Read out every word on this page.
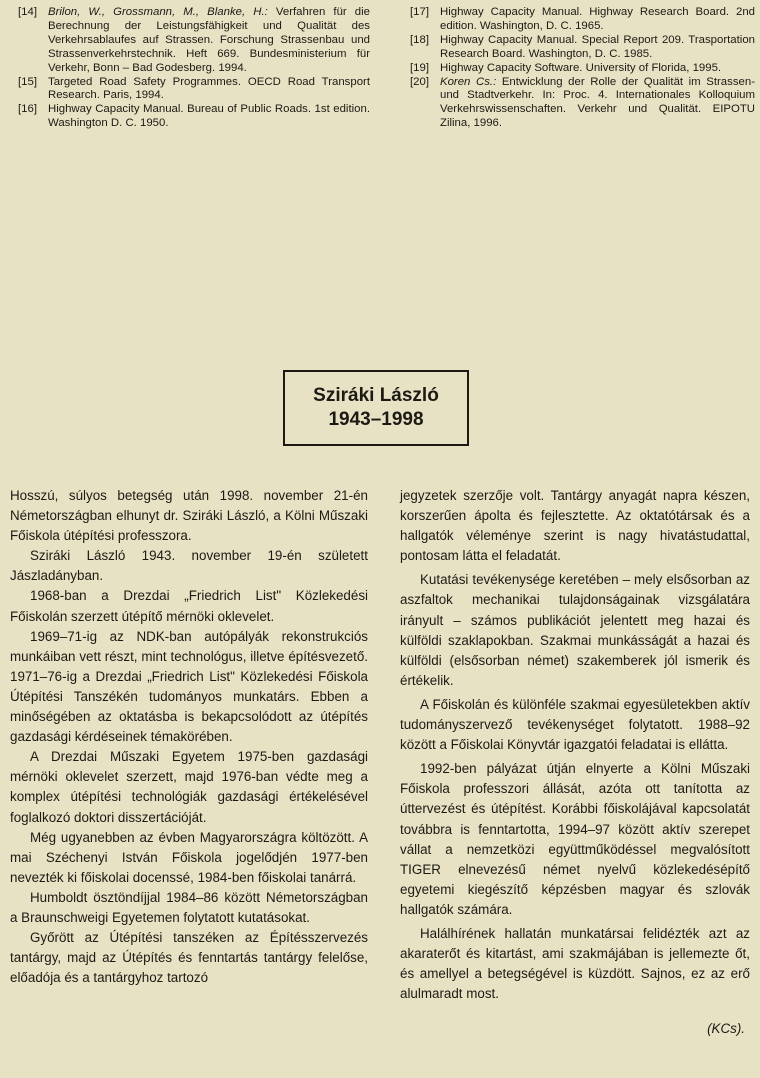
[14] Brilon, W., Grossmann, M., Blanke, H.: Verfahren für die Berechnung der Leistungsfähigkeit und Qualität des Verkehrsablaufes auf Strassen. Forschung Strassenbau und Strassenverkehrstechnik. Heft 669. Bundesministerium für Verkehr, Bonn – Bad Godesberg. 1994.
[15] Targeted Road Safety Programmes. OECD Road Transport Research. Paris, 1994.
[16] Highway Capacity Manual. Bureau of Public Roads. 1st edition. Washington D. C. 1950.
[17] Highway Capacity Manual. Highway Research Board. 2nd edition. Washington, D. C. 1965.
[18] Highway Capacity Manual. Special Report 209. Trasportation Research Board. Washington, D. C. 1985.
[19] Highway Capacity Software. University of Florida, 1995.
[20] Koren Cs.: Entwicklung der Rolle der Qualität im Strassen- und Stadtverkehr. In: Proc. 4. Internationales Kolloquium Verkehrswissenschaften. Verkehr und Qualität. EIPOTU Zilina, 1996.
Sziráki László
1943–1998

Hosszú, súlyos betegség után 1998. november 21-én Németországban elhunyt dr. Sziráki László, a Kölni Műszaki Főiskola útépítési professzora.

Sziráki László 1943. november 19-én született Jászladányban.

1968-ban a Drezdai „Friedrich List" Közlekedési Főiskolán szerzett útépítő mérnöki oklevelet.

1969–71-ig az NDK-ban autópályák rekonstrukciós munkáiban vett részt, mint technológus, illetve építésvezető. 1971–76-ig a Drezdai „Friedrich List" Közlekedési Főiskola Útépítési Tanszékén tudományos munkatárs. Ebben a minőségében az oktatásba is bekapcsolódott az útépítés gazdasági kérdéseinek témakörében.

A Drezdai Műszaki Egyetem 1975-ben gazdasági mérnöki oklevelet szerzett, majd 1976-ban védte meg a komplex útépítési technológiák gazdasági értékelésével foglalkozó doktori disszertációját.

Még ugyanebben az évben Magyarországra költözött. A mai Széchenyi István Főiskola jogelődjén 1977-ben nevezték ki főiskolai docenssé, 1984-ben főiskolai tanárrá.

Humboldt ösztöndíjjal 1984–86 között Németországban a Braunschweigi Egyetemen folytatott kutatásokat.

Győrött az Útépítési tanszéken az Építésszervezés tantárgy, majd az Útépítés és fenntartás tantárgy felelőse, előadója és a tantárgyhoz tartozó

jegyzetek szerzője volt. Tantárgy anyagát napra készen, korszerűen ápolta és fejlesztette. Az oktatótársak és a hallgatók véleménye szerint is nagy hivatástudattal, pontosam látta el feladatát.

Kutatási tevékenysége keretében – mely elsősorban az aszfaltok mechanikai tulajdonságainak vizsgálatára irányult – számos publikációt jelentett meg hazai és külföldi szaklapokban. Szakmai munkásságát a hazai és külföldi (elsősorban német) szakemberek jól ismerik és értékelik.

A Főiskolán és különféle szakmai egyesületekben aktív tudományszervező tevékenységet folytatott. 1988–92 között a Főiskolai Könyvtár igazgatói feladatai is ellátta.

1992-ben pályázat útján elnyerte a Kölni Műszaki Főiskola professzori állását, azóta ott tanította az úttervezést és útépítést. Korábbi főiskolájával kapcsolatát továbbra is fenntartotta, 1994–97 között aktív szerepet vállat a nemzetközi együttműködéssel megvalósított TIGER elnevezésű német nyelvű közlekedésépítő egyetemi kiegészítő képzésben magyar és szlovák hallgatók számára.

Halálhírének hallatán munkatársai felidézték azt az akaraterőt és kitartást, ami szakmájában is jellemezte őt, és amellyel a betegségével is küzdött. Sajnos, ez az erő alulmaradt most.

(KCs).
